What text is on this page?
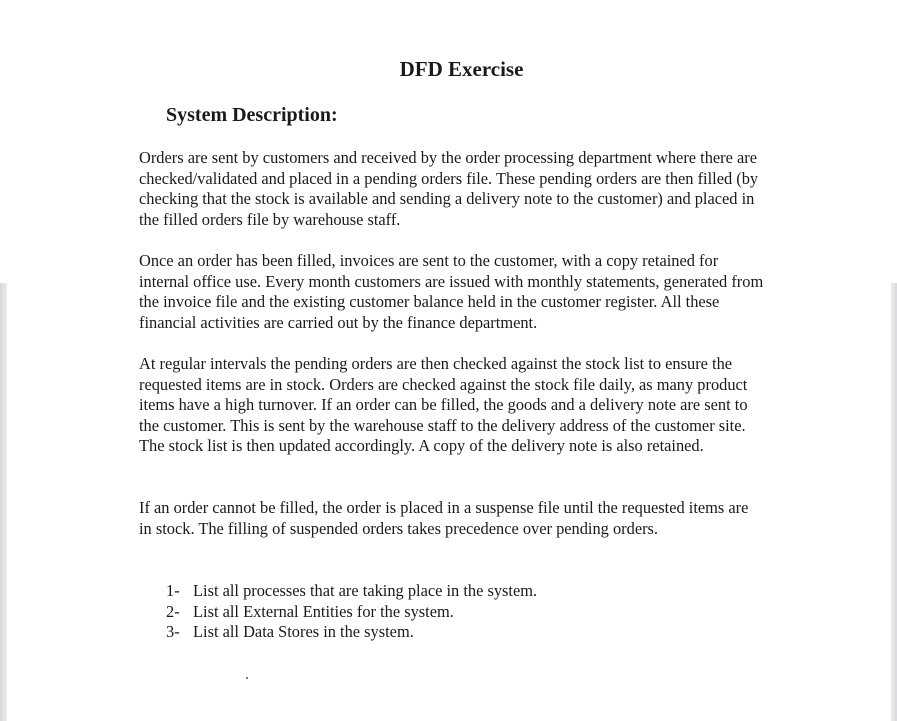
DFD Exercise
System Description:

Orders are sent by customers and received by the order processing department where there are checked/validated and placed in a pending orders file. These pending orders are then filled (by checking that the stock is available and sending a delivery note to the customer) and placed in the filled orders file by warehouse staff.

Once an order has been filled, invoices are sent to the customer, with a copy retained for internal office use. Every month customers are issued with monthly statements, generated from the invoice file and the existing customer balance held in the customer register. All these financial activities are carried out by the finance department.

At regular intervals the pending orders are then checked against the stock list to ensure the requested items are in stock. Orders are checked against the stock file daily, as many product items have a high turnover. If an order can be filled, the goods and a delivery note are sent to the customer. This is sent by the warehouse staff to the delivery address of the customer site. The stock list is then updated accordingly. A copy of the delivery note is also retained.

If an order cannot be filled, the order is placed in a suspense file until the requested items are in stock. The filling of suspended orders takes precedence over pending orders.

1- List all processes that are taking place in the system.
2- List all External Entities for the system.
3- List all Data Stores in the system.
